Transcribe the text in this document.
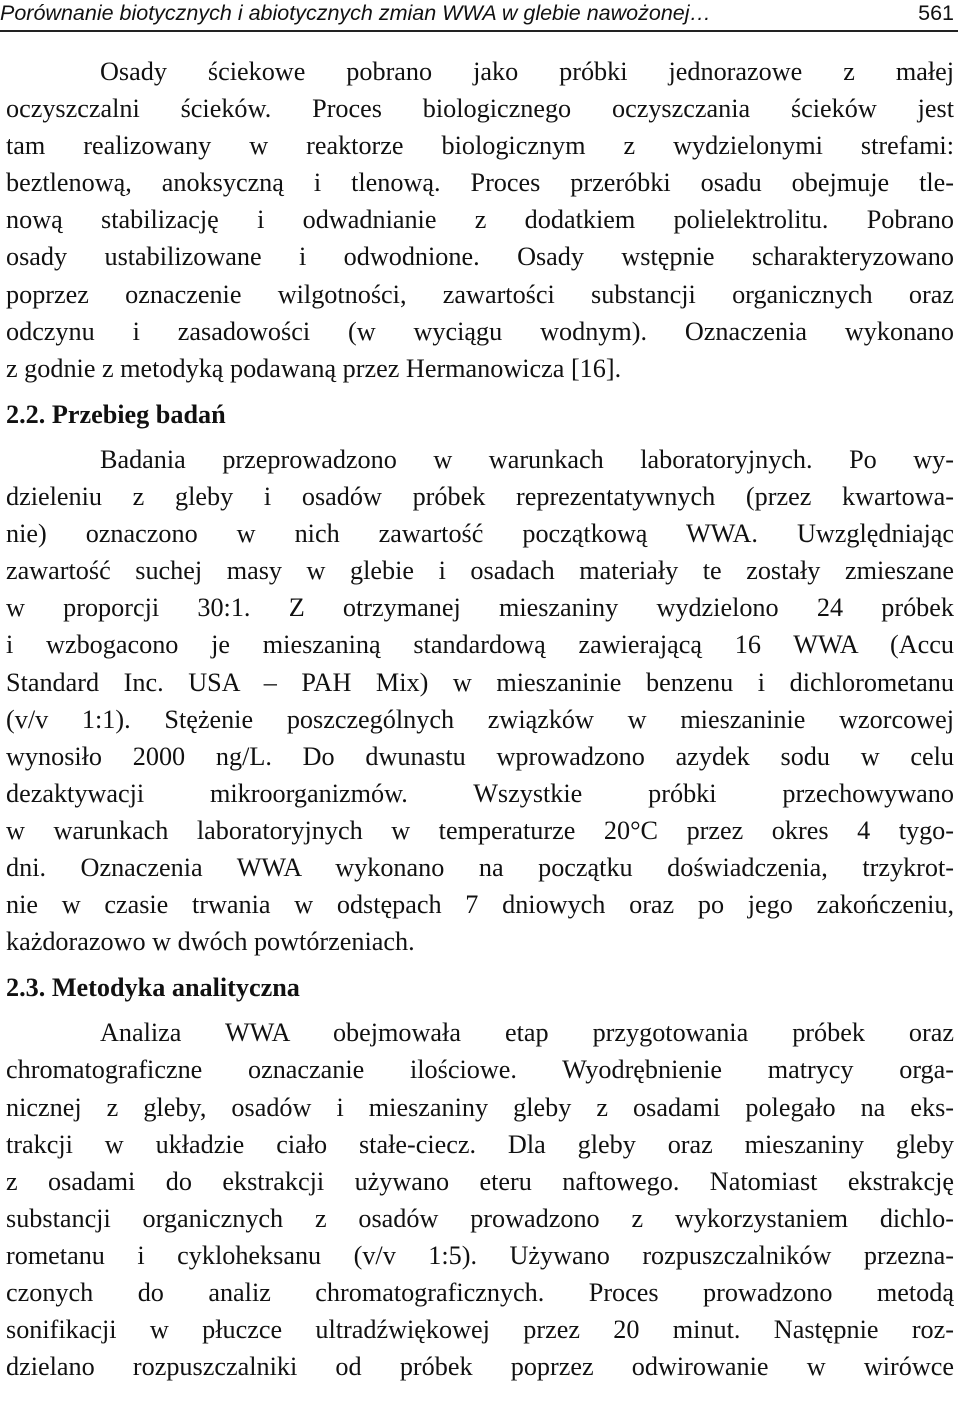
Porównanie biotycznych i abiotycznych zmian WWA w glebie nawożonej…	561
Osady ściekowe pobrano jako próbki jednorazowe z małej
oczyszczalni ścieków. Proces biologicznego oczyszczania ścieków jest
tam realizowany w reaktorze biologicznym z wydzielonymi strefami:
beztlenową, anoksyczną i tlenową. Proces przeróbki osadu obejmuje tle-
nową stabilizację i odwadnianie z dodatkiem polielektrolitu. Pobrano
osady ustabilizowane i odwodnione. Osady wstępnie scharakteryzowano
poprzez oznaczenie wilgotności, zawartości substancji organicznych oraz
odczynu i zasadowości (w wyciągu wodnym). Oznaczenia wykonano
z godnie z metodyką podawaną przez Hermanowicza [16].
2.2. Przebieg badań
Badania przeprowadzono w warunkach laboratoryjnych. Po wy-
dzieleniu z gleby i osadów próbek reprezentatywnych (przez kwartowa-
nie) oznaczono w nich zawartość początkową WWA. Uwzględniając
zawartość suchej masy w glebie i osadach materiały te zostały zmieszane
w proporcji 30:1. Z otrzymanej mieszaniny wydzielono 24 próbek
i wzbogacono je mieszaniną standardową zawierającą 16 WWA (Accu
Standard Inc. USA – PAH Mix) w mieszaninie benzenu i dichlorometanu
(v/v 1:1). Stężenie poszczególnych związków w mieszaninie wzorcowej
wynosiło 2000 ng/L. Do dwunastu wprowadzono azydek sodu w celu
dezaktywacji mikroorganizmów. Wszystkie próbki przechowywano
w warunkach laboratoryjnych w temperaturze 20°C przez okres 4 tygo-
dni. Oznaczenia WWA wykonano na początku doświadczenia, trzykrot-
nie w czasie trwania w odstępach 7 dniowych oraz po jego zakończeniu,
każdorazowo w dwóch powtórzeniach.
2.3. Metodyka analityczna
Analiza WWA obejmowała etap przygotowania próbek oraz
chromatograficzne oznaczanie ilościowe. Wyodrębnienie matrycy orga-
nicznej z gleby, osadów i mieszaniny gleby z osadami polegało na eks-
trakcji w układzie ciało stałe-ciecz. Dla gleby oraz mieszaniny gleby
z osadami do ekstrakcji używano eteru naftowego. Natomiast ekstrakcję
substancji organicznych z osadów prowadzono z wykorzystaniem dichlo-
rometanu i cykloheksanu (v/v 1:5). Używano rozpuszczalników przezna-
czonych do analiz chromatograficznych. Proces prowadzono metodą
sonifikacji w płuczce ultradźwiękowej przez 20 minut. Następnie roz-
dzielano rozpuszczalniki od próbek poprzez odwirowanie w wirówce
